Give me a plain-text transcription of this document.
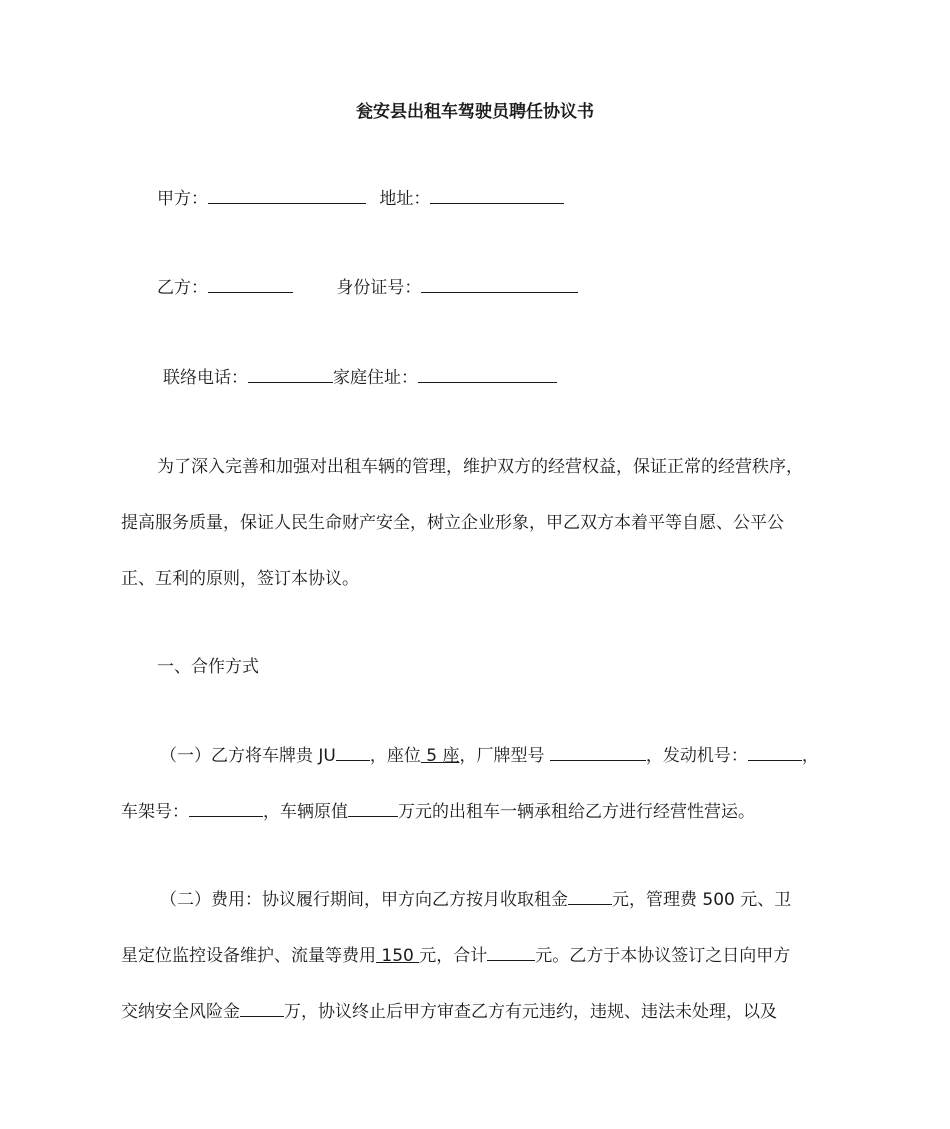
瓮安县出租车驾驶员聘任协议书
甲方：	地址：
乙方：	身份证号：
联络电话：	家庭住址：
为了深入完善和加强对出租车辆的管理，维护双方的经营权益，保证正常的经营秩序，
提高服务质量，保证人民生命财产安全，树立企业形象，甲乙双方本着平等自愿、公平公
正、互利的原则，签订本协议。
一、合作方式
（一）乙方将车牌贵 JU ，座位 5 座，厂牌型号	，发动机号：	，
车架号：	，车辆原值	万元的出租车一辆承租给乙方进行经营性营运。
（二）费用：协议履行期间，甲方向乙方按月收取租金	元，管理费 500 元、卫
星定位监控设备维护、流量等费用 150 元，合计	元。乙方于本协议签订之日向甲方
交纳安全风险金	万，协议终止后甲方审查乙方有元违约，违规、违法未处理，以及
